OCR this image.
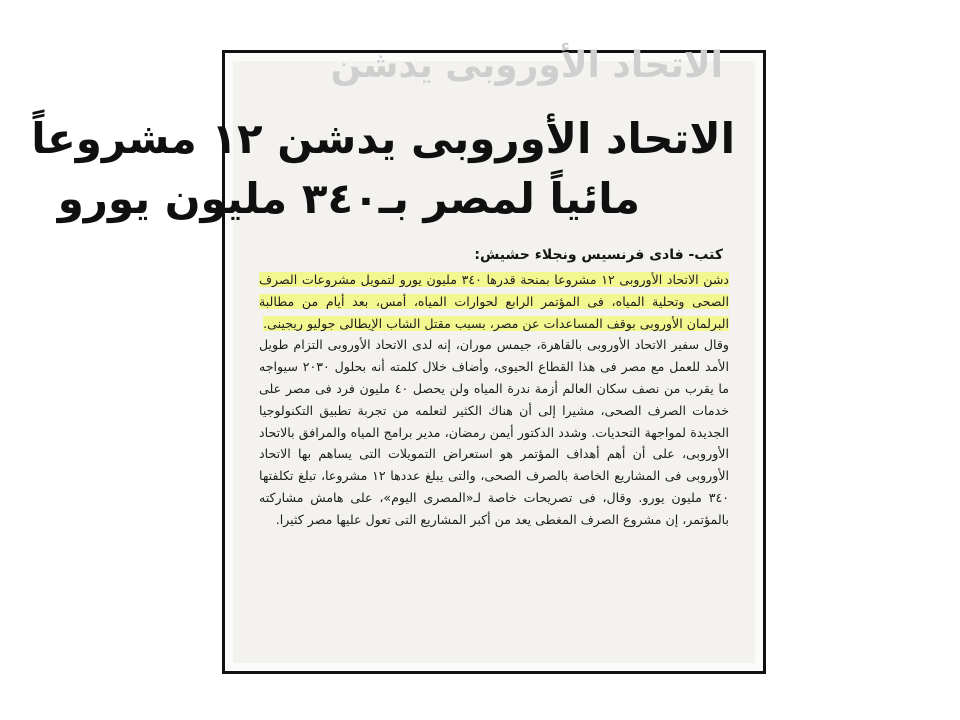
الاتحاد الأوروبى يدشن
الاتحاد الأوروبى يدشن ١٢ مشروعاً
مائياً لمصر بـ٣٤٠ مليون يورو
كتب- فادى فرنسيس ونجلاء حشيش:

دشن الاتحاد الأوروبى ١٢ مشروعا بمنحة قدرها ٣٤٠ مليون يورو لتمويل مشروعات الصرف الصحى وتحلية المياه، فى المؤتمر الرابع لحوارات المياه، أمس، بعد أيام من مطالبة البرلمان الأوروبى بوقف المساعدات عن مصر، بسبب مقتل الشاب الإيطالى جوليو ريجينى.

وقال سفير الاتحاد الأوروبى بالقاهرة، جيمس موران، إنه لدى الاتحاد الأوروبى التزام طويل الأمد للعمل مع مصر فى هذا القطاع الحيوى، وأضاف خلال كلمته أنه بحلول ٢٠٣٠ سيواجه ما يقرب من نصف سكان العالم أزمة ندرة المياه ولن يحصل ٤٠ مليون فرد فى مصر على خدمات الصرف الصحى، مشيرا إلى أن هناك الكثير لتعلمه من تجربة تطبيق التكنولوجيا الجديدة لمواجهة التحديات. وشدد الدكتور أيمن رمضان، مدير برامج المياه والمرافق بالاتحاد الأوروبى، على أن أهم أهداف المؤتمر هو استعراض التمويلات التى يساهم بها الاتحاد الأوروبى فى المشاريع الخاصة بالصرف الصحى، والتى يبلغ عددها ١٢ مشروعا، تبلغ تكلفتها ٣٤٠ مليون يورو. وقال، فى تصريحات خاصة لـ«المصرى اليوم»، على هامش مشاركته بالمؤتمر، إن مشروع الصرف المغطى يعد من أكبر المشاريع التى تعول عليها مصر كثيرا.
